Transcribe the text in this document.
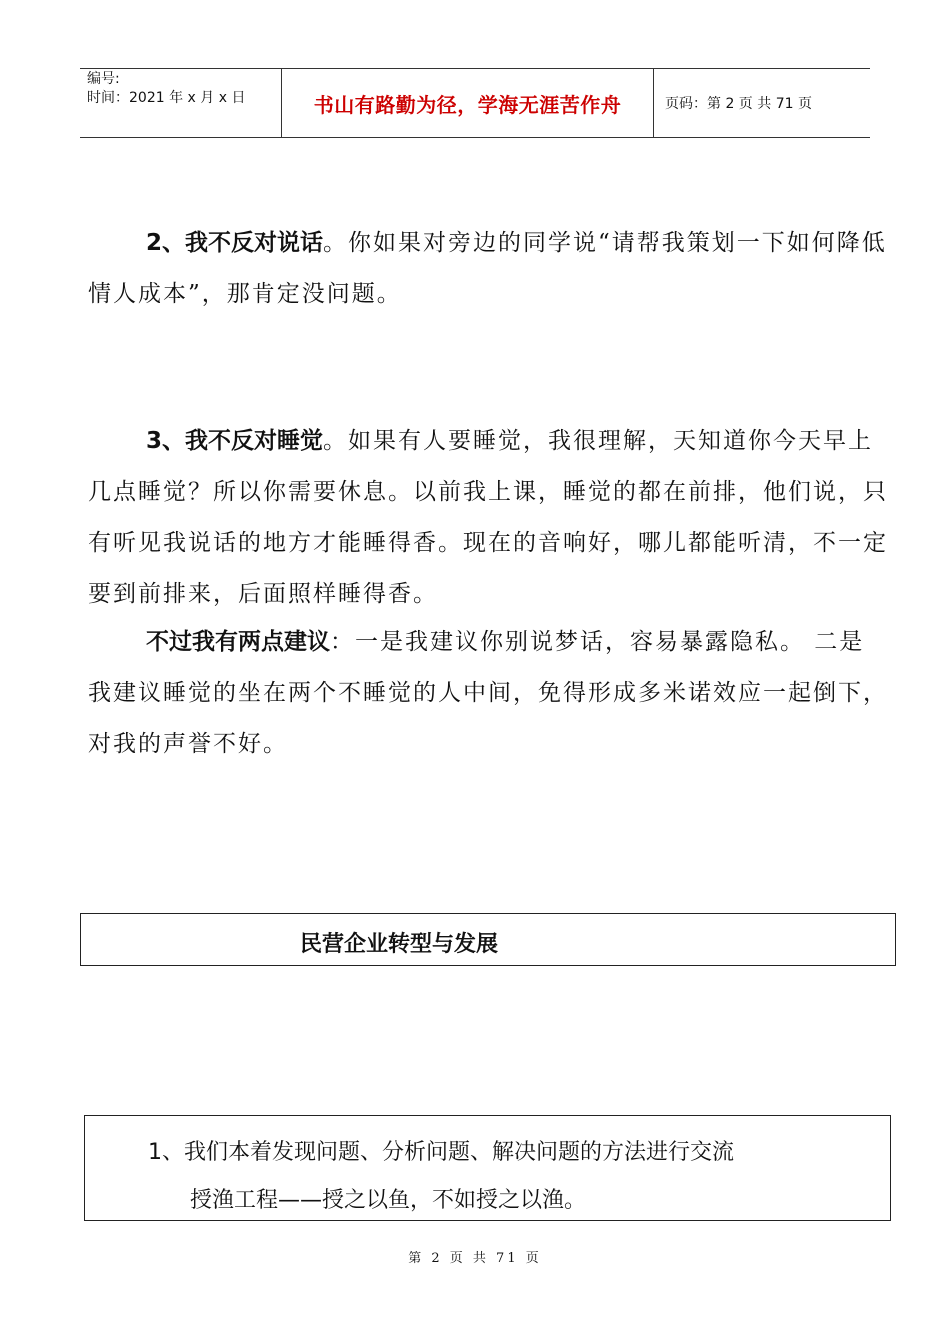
编号:
时间：2021 年 x 月 x 日	书山有路勤为径，学海无涯苦作舟	页码：第 2 页 共 71 页

2、我不反对说话。你如果对旁边的同学说“请帮我策划一下如何降低情人成本”，那肯定没问题。

3、我不反对睡觉。如果有人要睡觉，我很理解，天知道你今天早上几点睡觉？所以你需要休息。以前我上课，睡觉的都在前排，他们说，只有听见我说话的地方才能睡得香。现在的音响好，哪儿都能听清，不一定要到前排来，后面照样睡得香。

不过我有两点建议：一是我建议你别说梦话，容易暴露隐私。 二是我建议睡觉的坐在两个不睡觉的人中间，免得形成多米诺效应一起倒下，对我的声誉不好。

民营企业转型与发展
1、我们本着发现问题、分析问题、解决问题的方法进行交流
授渔工程——授之以鱼，不如授之以渔。
第 2 页 共 71 页
